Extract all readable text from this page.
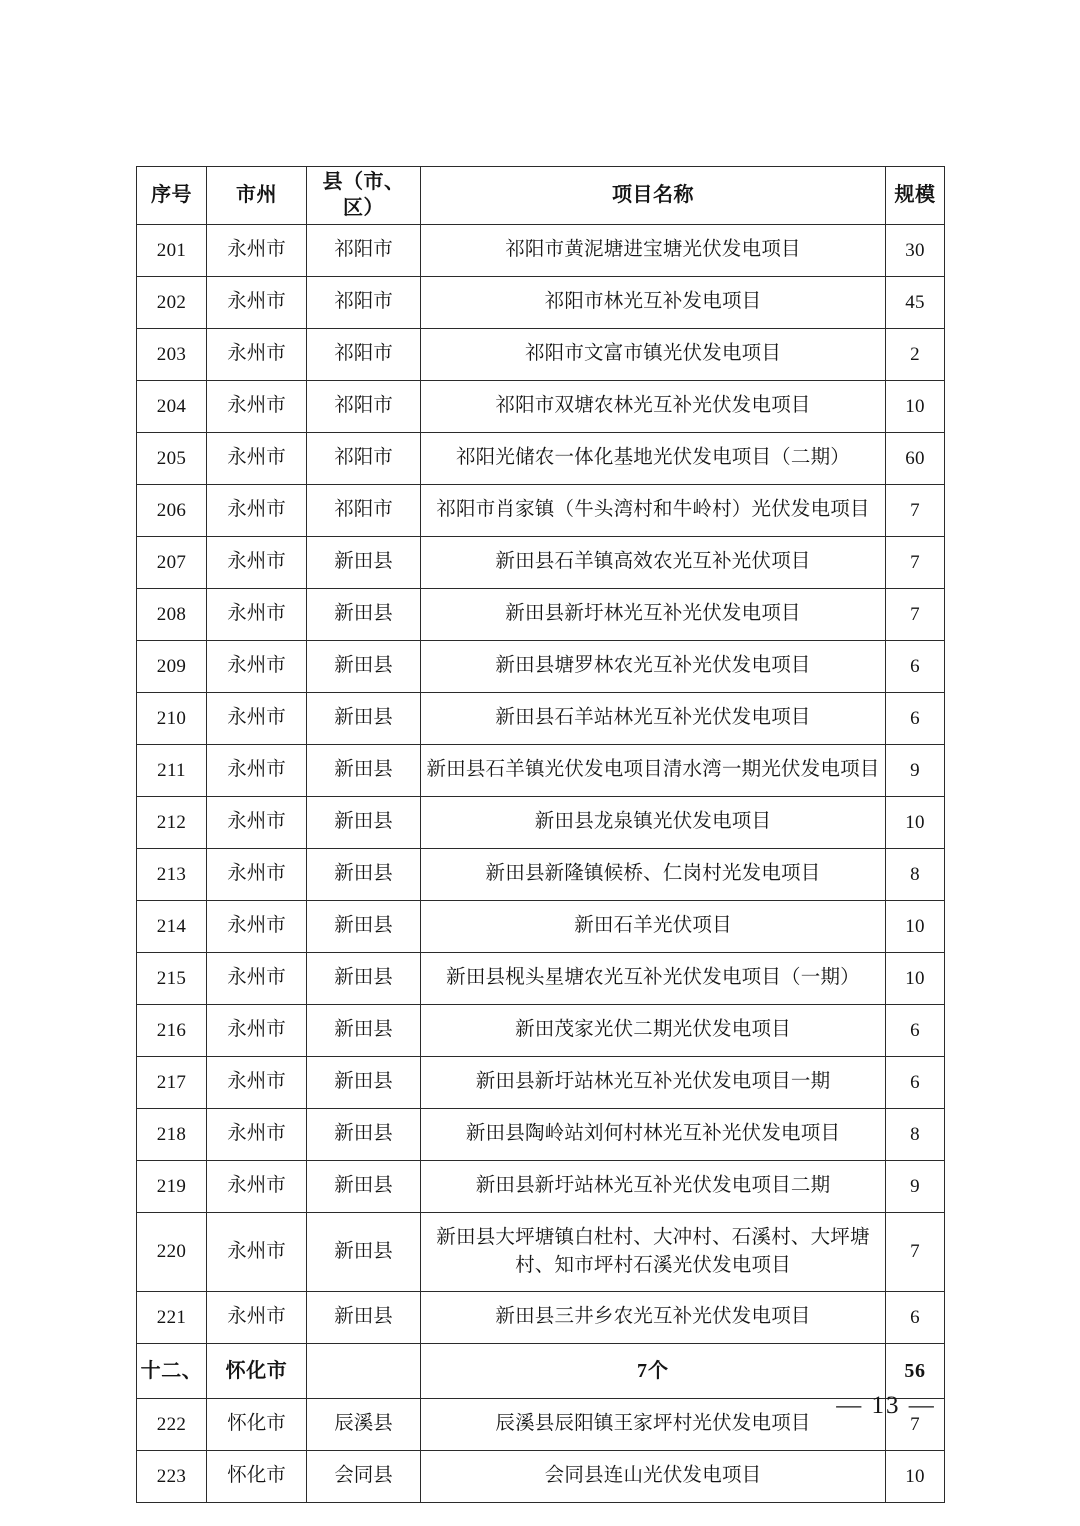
序号	市州	县（市、区）	项目名称	规模
201	永州市	祁阳市	祁阳市黄泥塘进宝塘光伏发电项目	30
202	永州市	祁阳市	祁阳市林光互补发电项目	45
203	永州市	祁阳市	祁阳市文富市镇光伏发电项目	2
204	永州市	祁阳市	祁阳市双塘农林光互补光伏发电项目	10
205	永州市	祁阳市	祁阳光储农一体化基地光伏发电项目（二期）	60
206	永州市	祁阳市	祁阳市肖家镇（牛头湾村和牛岭村）光伏发电项目	7
207	永州市	新田县	新田县石羊镇高效农光互补光伏项目	7
208	永州市	新田县	新田县新圩林光互补光伏发电项目	7
209	永州市	新田县	新田县塘罗林农光互补光伏发电项目	6
210	永州市	新田县	新田县石羊站林光互补光伏发电项目	6
211	永州市	新田县	新田县石羊镇光伏发电项目清水湾一期光伏发电项目	9
212	永州市	新田县	新田县龙泉镇光伏发电项目	10
213	永州市	新田县	新田县新隆镇候桥、仁岗村光发电项目	8
214	永州市	新田县	新田石羊光伏项目	10
215	永州市	新田县	新田县枧头星塘农光互补光伏发电项目（一期）	10
216	永州市	新田县	新田茂家光伏二期光伏发电项目	6
217	永州市	新田县	新田县新圩站林光互补光伏发电项目一期	6
218	永州市	新田县	新田县陶岭站刘何村林光互补光伏发电项目	8
219	永州市	新田县	新田县新圩站林光互补光伏发电项目二期	9
220	永州市	新田县	新田县大坪塘镇白杜村、大冲村、石溪村、大坪塘村、知市坪村石溪光伏发电项目	7
221	永州市	新田县	新田县三井乡农光互补光伏发电项目	6
十二、	怀化市		7个	56
222	怀化市	辰溪县	辰溪县辰阳镇王家坪村光伏发电项目	7
223	怀化市	会同县	会同县连山光伏发电项目	10
— 13 —
